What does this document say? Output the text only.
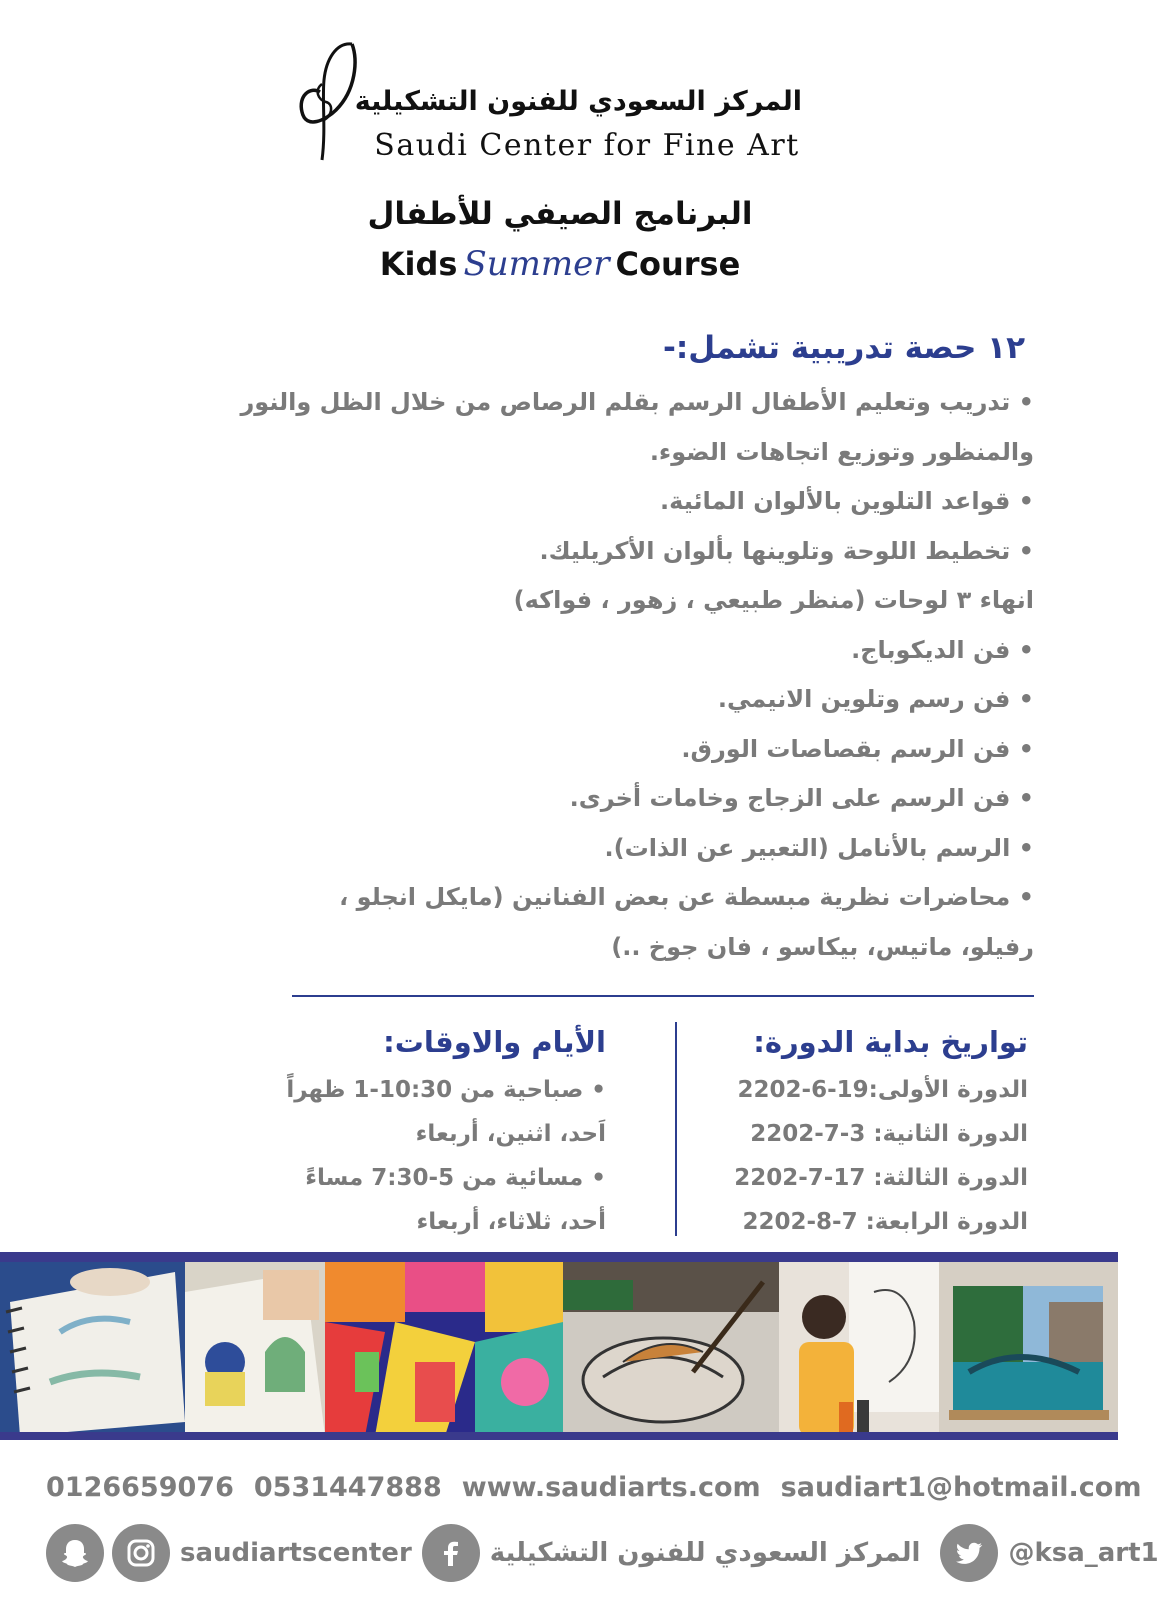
المركز السعودي للفنون التشكيلية
Saudi Center for Fine Art
البرنامج الصيفي للأطفال
Kids Summer Course
١٢ حصة تدريبية تشمل:-
• تدريب وتعليم الأطفال الرسم بقلم الرصاص من خلال الظل والنور
والمنظور وتوزيع اتجاهات الضوء.
• قواعد التلوين بالألوان المائية.
• تخطيط اللوحة وتلوينها بألوان الأكريليك.
انهاء ٣ لوحات (منظر طبيعي ، زهور ، فواكه)
• فن الديكوباج.
• فن رسم وتلوين الانيمي.
• فن الرسم بقصاصات الورق.
• فن الرسم على الزجاج وخامات أخرى.
• الرسم بالأنامل (التعبير عن الذات).
• محاضرات نظرية مبسطة عن بعض الفنانين (مايكل انجلو ،
رفيلو، ماتيس، بيكاسو ، فان جوخ ..)
تواريخ بداية الدورة:
الدورة الأولى:19-6-2202
الدورة الثانية: 3-7-2202
الدورة الثالثة: 17-7-2202
الدورة الرابعة: 7-8-2202
الأيام والاوقات:
• صباحية من 10:30-1 ظهراً
اَحد، اثنين، أربعاء
• مسائية من 5-7:30 مساءً
أحد، ثلاثاء، أربعاء
0126659076 0531447888 www.saudiarts.com saudiart1@hotmail.com
saudiartscenter	المركز السعودي للفنون التشكيلية	@ksa_art1
